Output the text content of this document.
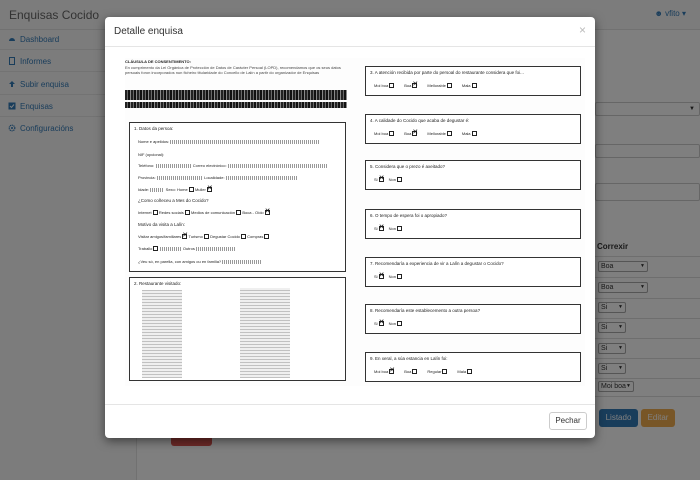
Detalle enquisa	×
Pechar
CLÁUSULA DE CONSENTIMENTO:
En cumprimento da Lei Orgánica de Protección de Datos de Carácter Persoal (LOPD), recomendamos que os seus datos persoais foron incorporados nun ficheiro titularidade do Concello de Lalín a partir do organizador de Enquisas
1. Datos da persoa:
Nome e apelidos:
NIF (opcional):
Teléfono:	Correo electrónico:
Provincia:	Localidade:
Idade:	Sexo: Home Muller✕
¿Como coñeceu a Mes do Cocido?
Internet Redes sociais Medios de comunicación Boca - Oído✕
Motivo da visita a Lalín:
Visitar amigos/familiares ✕ Turismo Degustar Cocido Compras
Traballo	Outros
¿Veu só, en parella, con amigos ou en familia?
2. Restaurante visitado:
3. A atención recibida por parte do persoal do restaurante considera que foi...
Moi boa	Boa ✕	Mellorable	Mala
4. A calidade do Cocido que acaba de degustar é:
Moi boa	Boa ✕	Mellorable	Mala
5. Considera que o prezo é axeitado?
Si ✕	Non
6. O tempo de espera foi o apropiado?
Si ✕	Non
7. Recomendaría a experiencia de vir a Lalín a degustar o Cocido?
Si ✕	Non
8. Recomendaría este establecemento a outra persoa?
Si ✕	Non
9. En xeral, a súa estancia en Lalín foi:
Moi boa ✕	Boa	Regular	Mala
